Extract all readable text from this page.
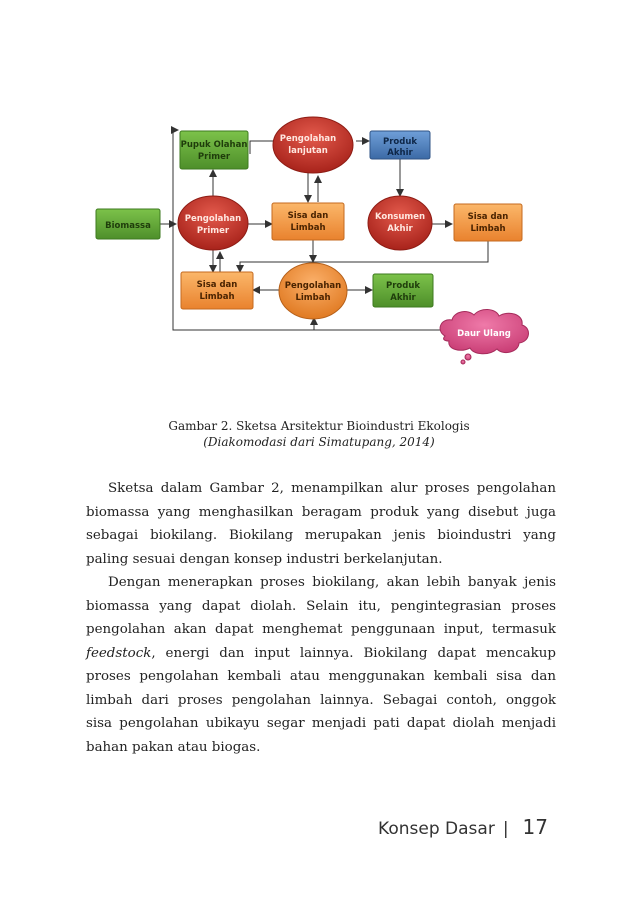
Biomassa
Pupuk Olahan
Primer
Pengolahan
Primer
Pengolahan
lanjutan
Produk
Akhir
Sisa dan
Limbah
Konsumen
Akhir
Sisa dan
Limbah
Sisa dan
Limbah
Pengolahan
Limbah
Produk
Akhir
Daur Ulang
Gambar 2. Sketsa Arsitektur Bioindustri Ekologis
(Diakomodasi dari Simatupang, 2014)
Sketsa dalam Gambar 2, menampilkan alur proses pengolahan
biomassa yang menghasilkan beragam produk yang disebut juga
sebagai biokilang. Biokilang merupakan jenis bioindustri yang
paling sesuai dengan konsep industri berkelanjutan.
Dengan menerapkan proses biokilang, akan lebih banyak jenis
biomassa yang dapat diolah. Selain itu, pengintegrasian proses
pengolahan akan dapat menghemat penggunaan input, termasuk
feedstock, energi dan input lainnya. Biokilang dapat mencakup
proses pengolahan kembali atau menggunakan kembali sisa dan
limbah dari proses pengolahan lainnya. Sebagai contoh, onggok
sisa pengolahan ubikayu segar menjadi pati dapat diolah menjadi
bahan pakan atau biogas.
Konsep Dasar | 17
